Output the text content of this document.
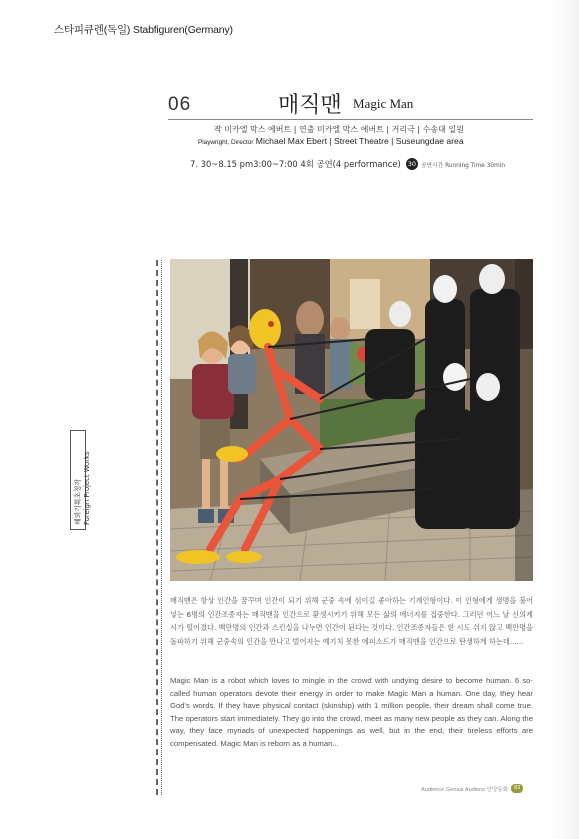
스타피큐렌(독일) Stabfiguren(Germany)
06	매직맨 Magic Man
작 미카엘 막스 에버트 | 연출 미카엘 막스 에버트 | 거리극 | 수송대 일원
Playwright, Director Michael Max Ebert | Street Theatre | Suseungdae area
7. 30~8.15 pm3:00~7:00 4회 공연(4 performance) 30 공연시간 Running Time 30min
해외기획초청작 Foreign Project Works
매직맨은 항상 인간을 꿈꾸며 인간이 되기 위해 군중 속에 섞이길 좋아하는 기계인형이다. 이 인형에게 생명을 불어 넣는 6명의 인간조종자는 매직맨을 인간으로 환생시키기 위해 모든 삶의 에너지를 집중한다. 그러던 어느 날 신의계시가 떨어졌다. 백만명의 인간과 스킨십을 나누면 인간이 된다는 것이다. 인간조종자들은 한 시도 쉬지 않고 백만명을 돌파하기 위해 군중속의 인간을 만나고 벌어지는 예기치 못한 에피소드가 매직맨을 인간으로 탄생하게 하는데......
Magic Man is a robot which loves to mingle in the crowd with undying desire to become human. 6 so-called human operators devote their energy in order to make Magic Man a human. One day, they hear God's words. If they have physical contact (skinship) with 1 million people, their dream shall come true. The operators start immediately. They go into the crowd, meet as many new people as they can. Along the way, they face myriads of unexpected happenings as well, but in the end, their tireless efforts are compensated. Magic Man is reborn as a human...
Audience Genius Audiens 안양동화	83
